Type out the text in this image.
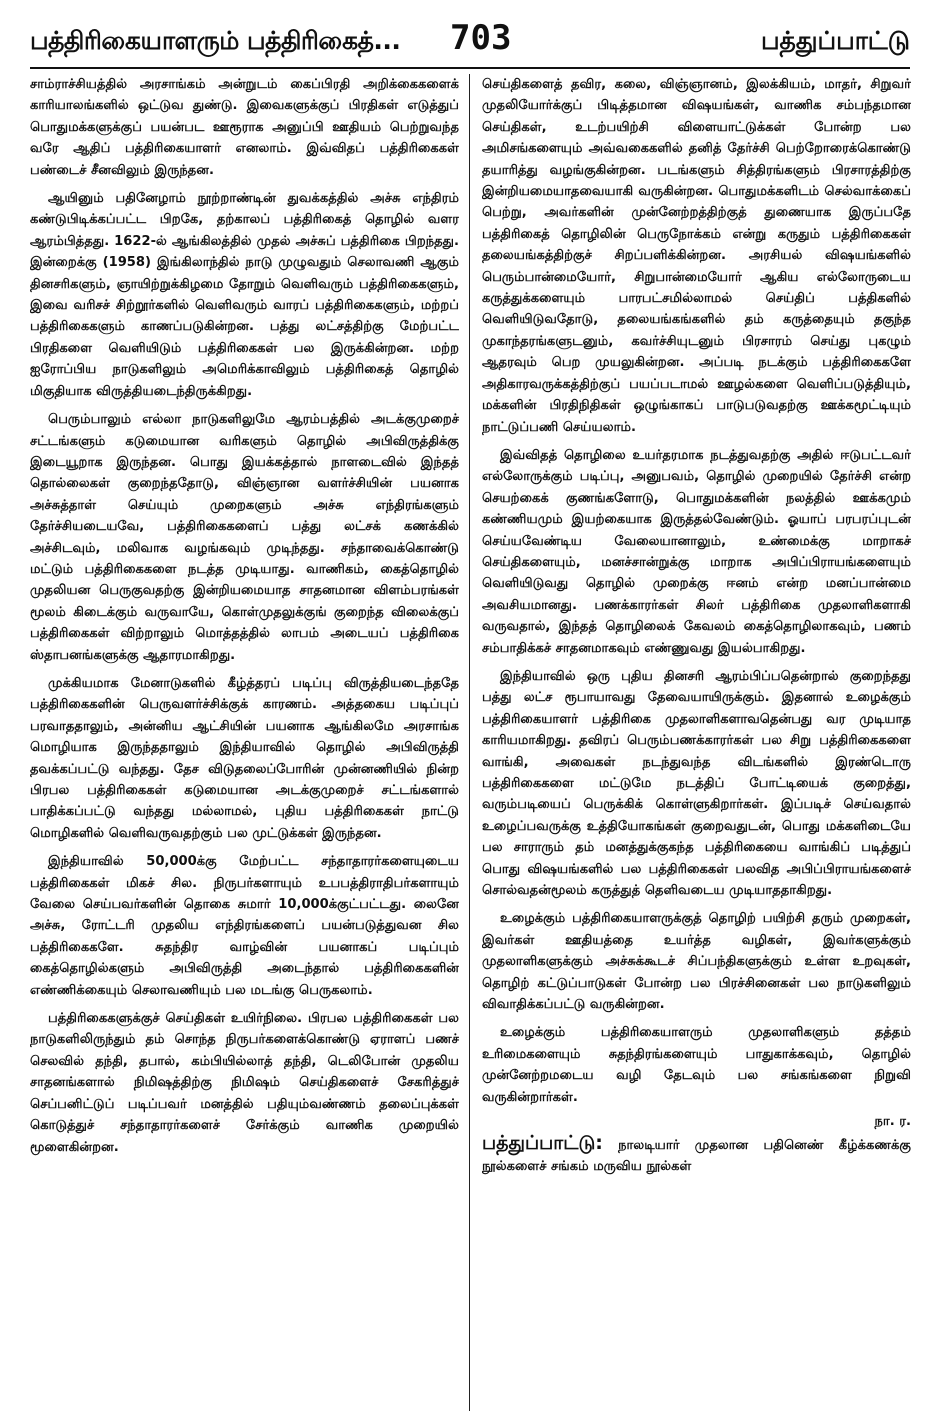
பத்திரிகையாளரும் பத்திரிகைத்... 703	பத்துப்பாட்டு

சாம்ராச்சியத்தில் அரசாங்கம் அன்றுடம் கைப்பிரதி அறிக்கைகளைக் காரியாலங்களில் ஒட்டுவ துண்டு. இவைகளுக்குப் பிரதிகள் எடுத்துப் பொதுமக்களுக்குப் பயன்பட ஊரூராக அனுப்பி ஊதியம் பெற்றுவந்த வரே ஆதிப் பத்திரிகையாளர் எனலாம். இவ்விதப் பத்திரிகைகள் பண்டைச் சீனவிலும் இருந்தன.

ஆயினும் பதினேழாம் நூற்றாண்டின் துவக்கத்தில் அச்சு எந்திரம் கண்டுபிடிக்கப்பட்ட பிறகே, தற்காலப் பத்திரிகைத் தொழில் வளர ஆரம்பித்தது. 1622-ல் ஆங்கிலத்தில் முதல் அச்சுப் பத்திரிகை பிறந்தது. இன்றைக்கு (1958) இங்கிலாந்தில் நாடு முழுவதும் செலாவணி ஆகும் தினசரிகளும், ஞாயிற்றுக்கிழமை தோறும் வெளிவரும் பத்திரிகைகளும், இவை வரிசச் சிற்றூர்களில் வெளிவரும் வாரப் பத்திரிகைகளும், மற்றப் பத்திரிகைகளும் காணப்படுகின்றன. பத்து லட்சத்திற்கு மேற்பட்ட பிரதிகளை வெளியிடும் பத்திரிகைகள் பல இருக்கின்றன. மற்ற ஐரோப்பிய நாடுகளிலும் அமெரிக்காவிலும் பத்திரிகைத் தொழில் மிகுதியாக விருத்தியடைந்திருக்கிறது.

பெரும்பாலும் எல்லா நாடுகளிலுமே ஆரம்பத்தில் அடக்குமுறைச் சட்டங்களும் கடுமையான வரிகளும் தொழில் அபிவிருத்திக்கு இடையூறாக இருந்தன. பொது இயக்கத்தால் நாளடைவில் இந்தத் தொல்லைகள் குறைந்ததோடு, விஞ்ஞான வளர்ச்சியின் பயனாக அச்சுத்தாள் செய்யும் முறைகளும் அச்சு எந்திரங்களும் தேர்ச்சியடையவே, பத்திரிகைகளைப் பத்து லட்சக் கணக்கில் அச்சிடவும், மலிவாக வழங்கவும் முடிந்தது. சந்தாவைக்கொண்டு மட்டும் பத்திரிகைகளை நடத்த முடியாது. வாணிகம், கைத்தொழில் முதலியன பெருகுவதற்கு இன்றியமையாத சாதனமான விளம்பரங்கள் மூலம் கிடைக்கும் வருவாயே, கொள்முதலுக்குங் குறைந்த விலைக்குப் பத்திரிகைகள் விற்றாலும் மொத்தத்தில் லாபம் அடையப் பத்திரிகை ஸ்தாபனங்களுக்கு ஆதாரமாகிறது.

முக்கியமாக மேனாடுகளில் கீழ்த்தரப் படிப்பு விருத்தியடைந்ததே பத்திரிகைகளின் பெருவளர்ச்சிக்குக் காரணம். அத்தகைய படிப்புப் பரவாததாலும், அன்னிய ஆட்சியின் பயனாக ஆங்கிலமே அரசாங்க மொழியாக இருந்ததாலும் இந்தியாவில் தொழில் அபிவிருத்தி தவக்கப்பட்டு வந்தது. தேச விடுதலைப்போரின் முன்னணியில் நின்ற பிரபல பத்திரிகைகள் கடுமையான அடக்குமுறைச் சட்டங்களால் பாதிக்கப்பட்டு வந்தது மல்லாமல், புதிய பத்திரிகைகள் நாட்டு மொழிகளில் வெளிவருவதற்கும் பல முட்டுக்கள் இருந்தன.

இந்தியாவில் 50,000க்கு மேற்பட்ட சந்தாதாரர்களையுடைய பத்திரிகைகள் மிகச் சில. நிருபர்களாயும் உபபத்திராதிபர்களாயும் வேலை செய்பவர்களின் தொகை சுமார் 10,000க்குட்பட்டது. லைனே அச்சு, ரோட்டரி முதலிய எந்திரங்களைப் பயன்படுத்துவன சில பத்திரிகைகளே. சுதந்திர வாழ்வின் பயனாகப் படிப்பும் கைத்தொழில்களும் அபிவிருத்தி அடைந்தால் பத்திரிகைகளின் எண்ணிக்கையும் செலாவணியும் பல மடங்கு பெருகலாம்.

பத்திரிகைகளுக்குச் செய்திகள் உயிர்நிலை. பிரபல பத்திரிகைகள் பல நாடுகளிலிருந்தும் தம் சொந்த நிருபர்களைக்கொண்டு ஏராளப் பணச் செலவில் தந்தி, தபால், கம்பியில்லாத் தந்தி, டெலிபோன் முதலிய சாதனங்களால் நிமிஷத்திற்கு நிமிஷம் செய்திகளைச் சேகரித்துச் செப்பனிட்டுப் படிப்பவர் மனத்தில் பதியும்வண்ணம் தலைப்புக்கள் கொடுத்துச் சந்தாதாரர்களைச் சேர்க்கும் வாணிக முறையில் மூளைகின்றன.

செய்திகளைத் தவிர, கலை, விஞ்ஞானம், இலக்கியம், மாதர், சிறுவர் முதலியோர்க்குப் பிடித்தமான விஷயங்கள், வாணிக சம்பந்தமான செய்திகள், உடற்பயிற்சி விளையாட்டுக்கள் போன்ற பல அமிசங்களையும் அவ்வகைகளில் தனித் தேர்ச்சி பெற்றோரைக்கொண்டு தயாரித்து வழங்குகின்றன. படங்களும் சித்திரங்களும் பிரசாரத்திற்கு இன்றியமையாதவையாகி வருகின்றன. பொதுமக்களிடம் செல்வாக்கைப் பெற்று, அவர்களின் முன்னேற்றத்திற்குத் துணையாக இருப்பதே பத்திரிகைத் தொழிலின் பெருநோக்கம் என்று கருதும் பத்திரிகைகள் தலையங்கத்திற்குச் சிறப்பளிக்கின்றன. அரசியல் விஷயங்களில் பெரும்பான்மையோர், சிறுபான்மையோர் ஆகிய எல்லோருடைய கருத்துக்களையும் பாரபட்சமில்லாமல் செய்திப் பத்திகளில் வெளியிடுவதோடு, தலையங்கங்களில் தம் கருத்தையும் தகுந்த முகாந்தரங்களுடனும், கவர்ச்சியுடனும் பிரசாரம் செய்து புகழும் ஆதரவும் பெற முயலுகின்றன. அப்படி நடக்கும் பத்திரிகைகளே அதிகாரவருக்கத்திற்குப் பயப்படாமல் ஊழல்களை வெளிப்படுத்தியும், மக்களின் பிரதிநிதிகள் ஒழுங்காகப் பாடுபடுவதற்கு ஊக்கமூட்டியும் நாட்டுப்பணி செய்யலாம்.

இவ்விதத் தொழிலை உயர்தரமாக நடத்துவதற்கு அதில் ஈடுபட்டவர் எல்லோருக்கும் படிப்பு, அனுபவம், தொழில் முறையில் தேர்ச்சி என்ற செயற்கைக் குணங்களோடு, பொதுமக்களின் நலத்தில் ஊக்கமும் கண்ணியமும் இயற்கையாக இருத்தல்வேண்டும். ஓயாப் பரபரப்புடன் செய்யவேண்டிய வேலையானாலும், உண்மைக்கு மாறாகச் செய்திகளையும், மனச்சான்றுக்கு மாறாக அபிப்பிராயங்களையும் வெளியிடுவது தொழில் முறைக்கு ஈனம் என்ற மனப்பான்மை அவசியமானது. பணக்காரர்கள் சிலர் பத்திரிகை முதலாளிகளாகி வருவதால், இந்தத் தொழிலைக் கேவலம் கைத்தொழிலாகவும், பணம் சம்பாதிக்கச் சாதனமாகவும் எண்ணுவது இயல்பாகிறது.

இந்தியாவில் ஒரு புதிய தினசரி ஆரம்பிப்பதென்றால் குறைந்தது பத்து லட்ச ரூபாயாவது தேவையாயிருக்கும். இதனால் உழைக்கும் பத்திரிகையாளர் பத்திரிகை முதலாளிகளாவதென்பது வர முடியாத காரியமாகிறது. தவிரப் பெரும்பணக்காரர்கள் பல சிறு பத்திரிகைகளை வாங்கி, அவைகள் நடந்துவந்த விடங்களில் இரண்டொரு பத்திரிகைகளை மட்டுமே நடத்திப் போட்டியைக் குறைத்து, வரும்படியைப் பெருக்கிக் கொள்ளுகிறார்கள். இப்படிச் செய்வதால் உழைப்பவருக்கு உத்தியோகங்கள் குறைவதுடன், பொது மக்களிடையே பல சாராரும் தம் மனத்துக்குகந்த பத்திரிகையை வாங்கிப் படித்துப் பொது விஷயங்களில் பல பத்திரிகைகள் பலவித அபிப்பிராயங்களைச் சொல்வதன்மூலம் கருத்துத் தெளிவடைய முடியாததாகிறது.

உழைக்கும் பத்திரிகையாளருக்குத் தொழிற் பயிற்சி தரும் முறைகள், இவர்கள் ஊதியத்தை உயர்த்த வழிகள், இவர்களுக்கும் முதலாளிகளுக்கும் அச்சுக்கூடச் சிப்பந்திகளுக்கும் உள்ள உறவுகள், தொழிற் கட்டுப்பாடுகள் போன்ற பல பிரச்சினைகள் பல நாடுகளிலும் விவாதிக்கப்பட்டு வருகின்றன.

உழைக்கும் பத்திரிகையாளரும் முதலாளிகளும் தத்தம் உரிமைகளையும் சுதந்திரங்களையும் பாதுகாக்கவும், தொழில் முன்னேற்றமடைய வழி தேடவும் பல சங்கங்களை நிறுவி வருகின்றார்கள்.

நா. ர.
பத்துப்பாட்டு: நாலடியார் முதலான பதினெண் கீழ்க்கணக்கு நூல்களைச் சங்கம் மருவிய நூல்கள்
